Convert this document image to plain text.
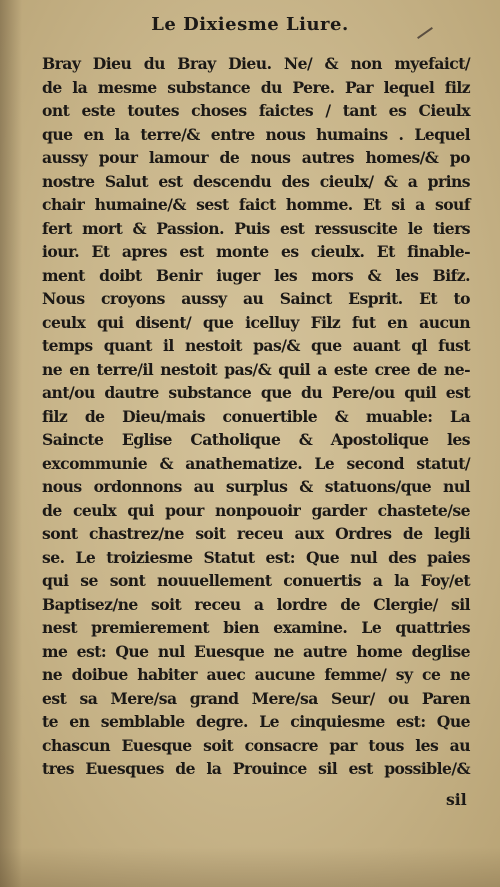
Le Dixiesme Liure.
Bray Dieu du Bray Dieu. Ne/ & non myefaict/
de la mesme substance du Pere. Par lequel filz
ont este toutes choses faictes / tant es Cieulx
que en la terre/& entre nous humains . Lequel
aussy pour lamour de nous autres homes/& po
nostre Salut est descendu des cieulx/ & a prins
chair humaine/& sest faict homme. Et si a souf
fert mort & Passion. Puis est ressuscite le tiers
iour. Et apres est monte es cieulx. Et finable-
ment doibt Benir iuger les mors & les Bifz.
Nous croyons aussy au Sainct Esprit. Et to
ceulx qui disent/ que icelluy Filz fut en aucun
temps quant il nestoit pas/& que auant ql fust
ne en terre/il nestoit pas/& quil a este cree de ne-
ant/ou dautre substance que du Pere/ou quil est
filz de Dieu/mais conuertible & muable: La
Saincte Eglise Catholique & Apostolique les
excommunie & anathematize. Le second statut/
nous ordonnons au surplus & statuons/que nul
de ceulx qui pour nonpouoir garder chastete/se
sont chastrez/ne soit receu aux Ordres de legli
se. Le troiziesme Statut est: Que nul des paies
qui se sont nouuellement conuertis a la Foy/et
Baptisez/ne soit receu a lordre de Clergie/ sil
nest premierement bien examine. Le quattries
me est: Que nul Euesque ne autre home deglise
ne doibue habiter auec aucune femme/ sy ce ne
est sa Mere/sa grand Mere/sa Seur/ ou Paren
te en semblable degre. Le cinquiesme est: Que
chascun Euesque soit consacre par tous les au
tres Euesques de la Prouince sil est possible/&
sil
